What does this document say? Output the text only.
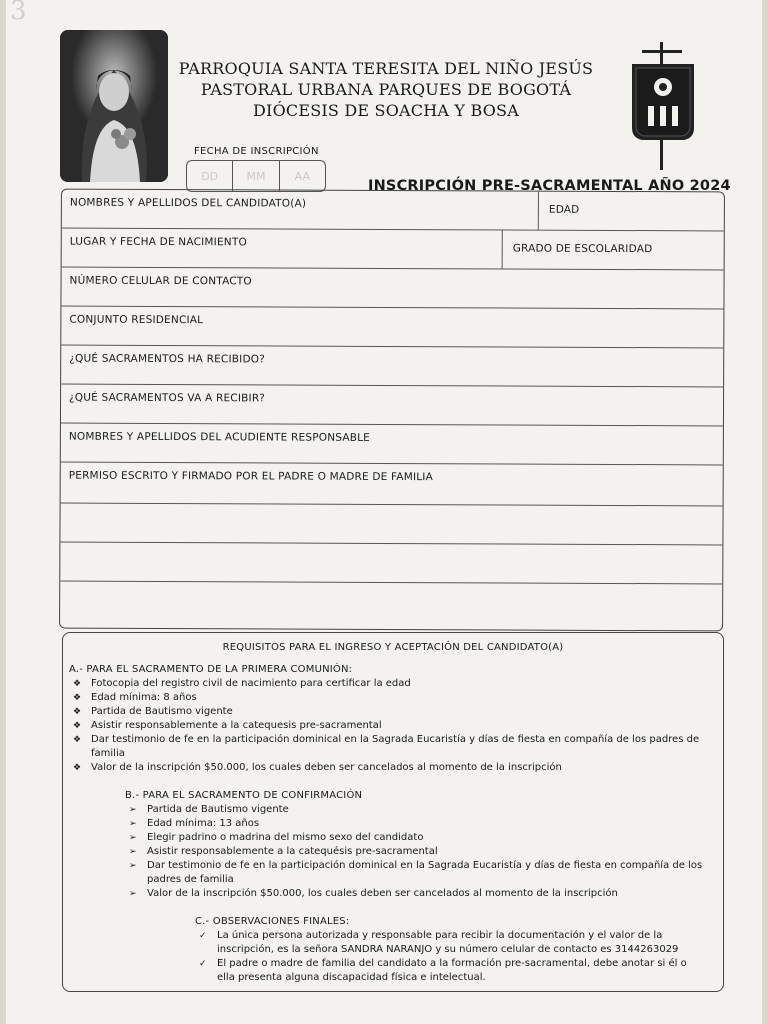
3
PARROQUIA SANTA TERESITA DEL NIÑO JESÚS
PASTORAL URBANA PARQUES DE BOGOTÁ
DIÓCESIS DE SOACHA Y BOSA
FECHA DE INSCRIPCIÓN
DD	MM	AA
INSCRIPCIÓN PRE-SACRAMENTAL AÑO 2024
NOMBRES Y APELLIDOS DEL CANDIDATO(A)
EDAD
LUGAR Y FECHA DE NACIMIENTO
GRADO DE ESCOLARIDAD
NÚMERO CELULAR DE CONTACTO
CONJUNTO RESIDENCIAL
¿QUÉ SACRAMENTOS HA RECIBIDO?
¿QUÉ SACRAMENTOS VA A RECIBIR?
NOMBRES Y APELLIDOS DEL ACUDIENTE RESPONSABLE
PERMISO ESCRITO Y FIRMADO POR EL PADRE O MADRE DE FAMILIA
REQUISITOS PARA EL INGRESO Y ACEPTACIÓN DEL CANDIDATO(A)
A.- PARA EL SACRAMENTO DE LA PRIMERA COMUNIÓN:
❖ Fotocopia del registro civil de nacimiento para certificar la edad
❖ Edad mínima: 8 años
❖ Partida de Bautismo vigente
❖ Asistir responsablemente a la catequesis pre-sacramental
❖ Dar testimonio de fe en la participación dominical en la Sagrada Eucaristía y días de fiesta en compañía de los padres de familia
❖ Valor de la inscripción $50.000, los cuales deben ser cancelados al momento de la inscripción
B.- PARA EL SACRAMENTO DE CONFIRMACIÓN
➢ Partida de Bautismo vigente
➢ Edad mínima: 13 años
➢ Elegir padrino o madrina del mismo sexo del candidato
➢ Asistir responsablemente a la catequésis pre-sacramental
➢ Dar testimonio de fe en la participación dominical en la Sagrada Eucaristía y días de fiesta en compañía de los padres de familia
➢ Valor de la inscripción $50.000, los cuales deben ser cancelados al momento de la inscripción
C.- OBSERVACIONES FINALES:
✓ La única persona autorizada y responsable para recibir la documentación y el valor de la inscripción, es la señora SANDRA NARANJO y su número celular de contacto es 3144263029
✓ El padre o madre de familia del candidato a la formación pre-sacramental, debe anotar si él o ella presenta alguna discapacidad física e intelectual.
